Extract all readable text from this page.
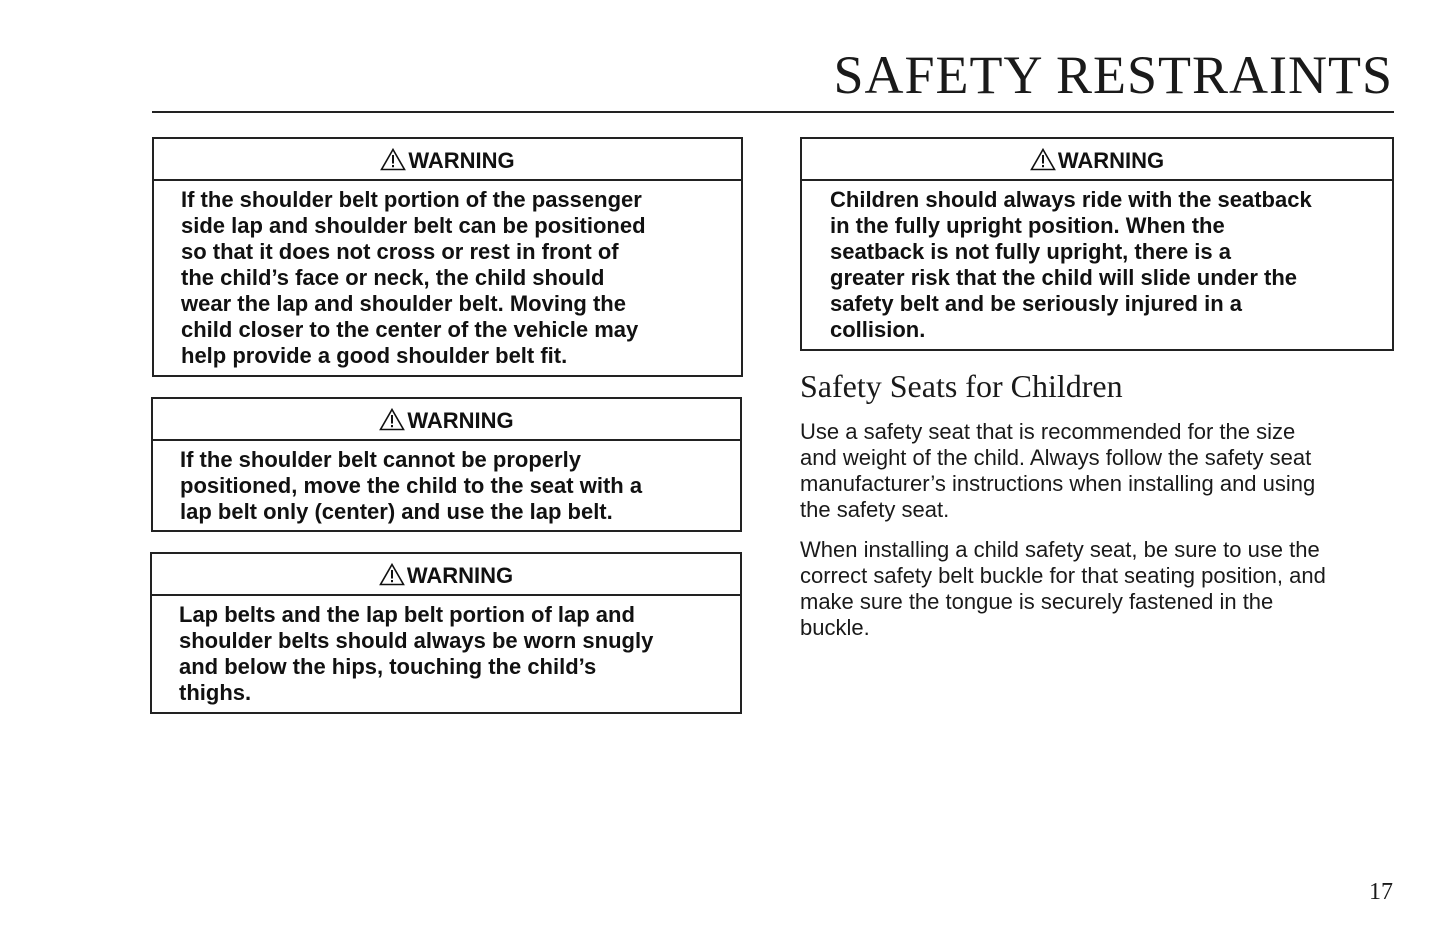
SAFETY RESTRAINTS
WARNING
If the shoulder belt portion of the passenger
side lap and shoulder belt can be positioned
so that it does not cross or rest in front of
the child’s face or neck, the child should
wear the lap and shoulder belt. Moving the
child closer to the center of the vehicle may
help provide a good shoulder belt fit.
WARNING
If the shoulder belt cannot be properly
positioned, move the child to the seat with a
lap belt only (center) and use the lap belt.
WARNING
Lap belts and the lap belt portion of lap and
shoulder belts should always be worn snugly
and below the hips, touching the child’s
thighs.
WARNING
Children should always ride with the seatback
in the fully upright position. When the
seatback is not fully upright, there is a
greater risk that the child will slide under the
safety belt and be seriously injured in a
collision.
Safety Seats for Children
Use a safety seat that is recommended for the size
and weight of the child. Always follow the safety seat
manufacturer’s instructions when installing and using
the safety seat.
When installing a child safety seat, be sure to use the
correct safety belt buckle for that seating position, and
make sure the tongue is securely fastened in the
buckle.
17
